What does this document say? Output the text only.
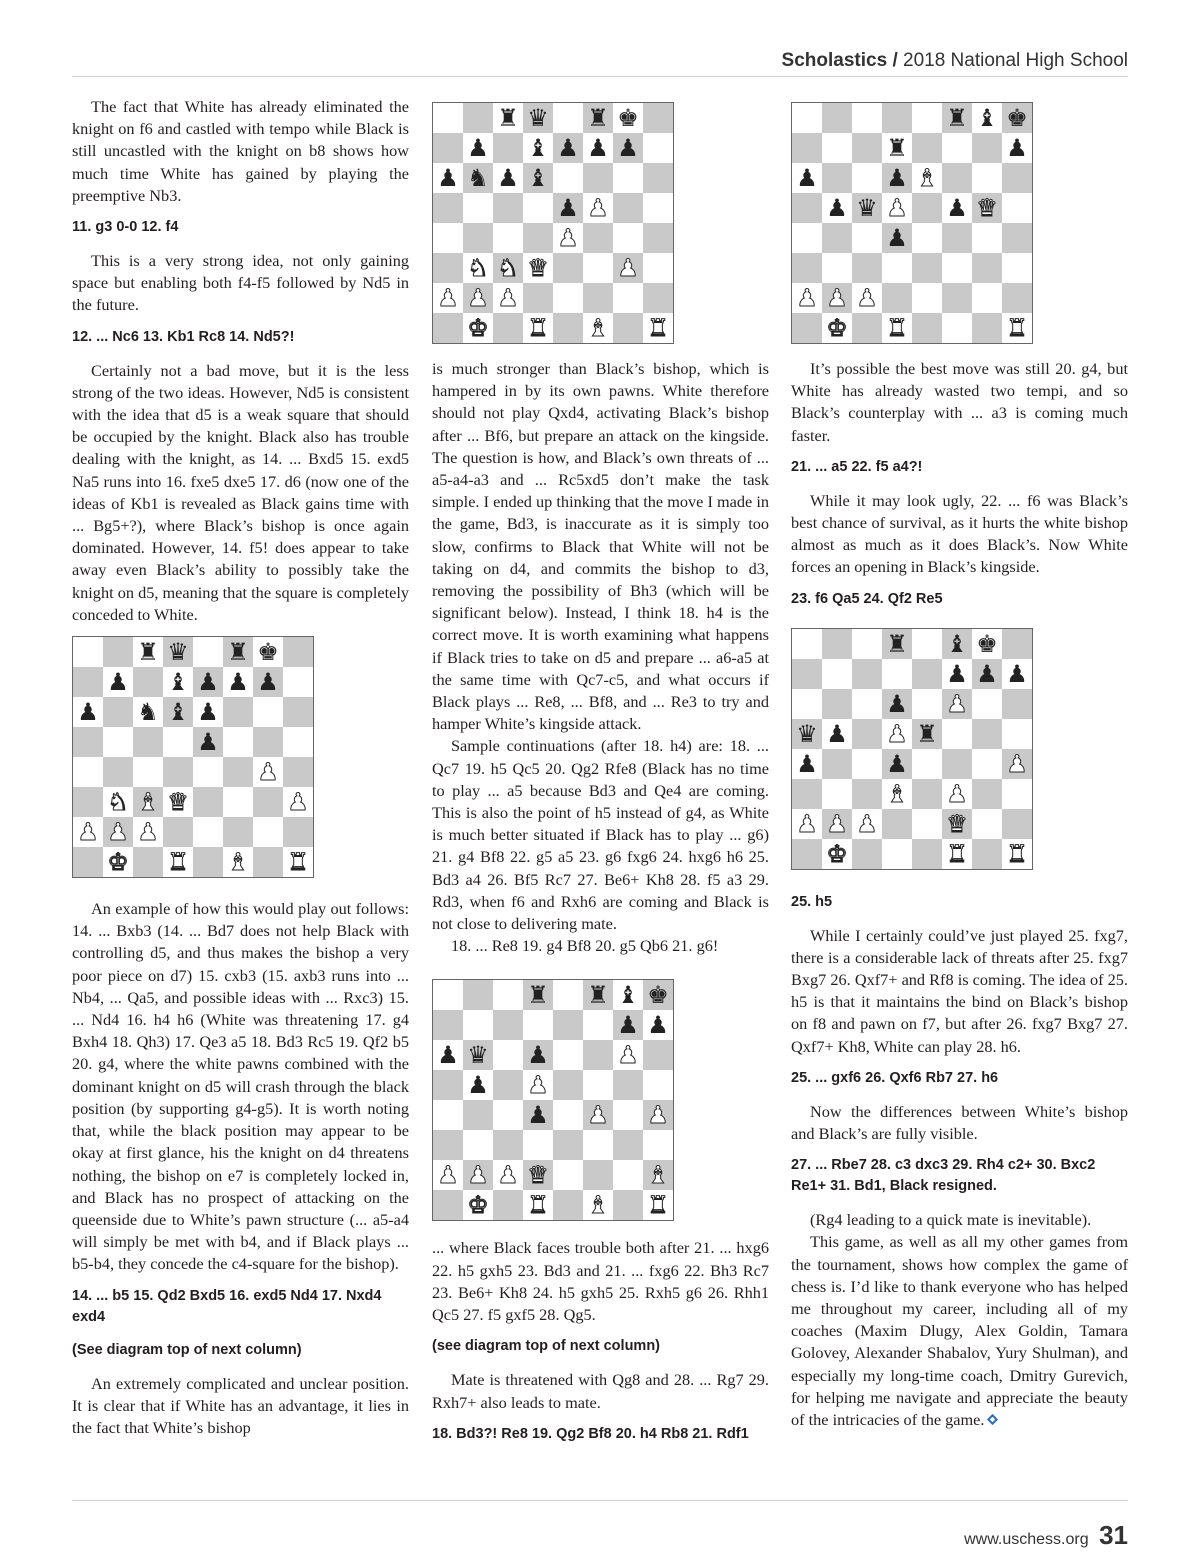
Scholastics / 2018 National High School

The fact that White has already eliminated the knight on f6 and castled with tempo while Black is still uncastled with the knight on b8 shows how much time White has gained by playing the preemptive Nb3.

11. g3 0-0 12. f4

This is a very strong idea, not only gaining space but enabling both f4-f5 followed by Nd5 in the future.

12. ... Nc6 13. Kb1 Rc8 14. Nd5?!

Certainly not a bad move, but it is the less strong of the two ideas. However, Nd5 is consistent with the idea that d5 is a weak square that should be occupied by the knight. Black also has trouble dealing with the knight, as 14. ... Bxd5 15. exd5 Na5 runs into 16. fxe5 dxe5 17. d6 (now one of the ideas of Kb1 is revealed as Black gains time with ... Bg5+?), where Black’s bishop is once again dominated. However, 14. f5! does appear to take away even Black’s ability to possibly take the knight on d5, meaning that the square is completely conceded to White.

♜ ♛ ♜ ♚
♟ ♝ ♟ ♟ ♟
♟ ♞ ♝ ♟
♟
♟
♞ ♝ ♛	♟
♟ ♟ ♟
♚ ♜ ♝ ♜

An example of how this would play out follows: 14. ... Bxb3 (14. ... Bd7 does not help Black with controlling d5, and thus makes the bishop a very poor piece on d7) 15. cxb3 (15. axb3 runs into ... Nb4, ... Qa5, and possible ideas with ... Rxc3) 15. ... Nd4 16. h4 h6 (White was threatening 17. g4 Bxh4 18. Qh3) 17. Qe3 a5 18. Bd3 Rc5 19. Qf2 b5 20. g4, where the white pawns combined with the dominant knight on d5 will crash through the black position (by supporting g4-g5). It is worth noting that, while the black position may appear to be okay at first glance, his the knight on d4 threatens nothing, the bishop on e7 is completely locked in, and Black has no prospect of attacking on the queenside due to White’s pawn structure (... a5-a4 will simply be met with b4, and if Black plays ... b5-b4, they concede the c4-square for the bishop).

14. ... b5 15. Qd2 Bxd5 16. exd5 Nd4 17. Nxd4 exd4

(See diagram top of next column)

An extremely complicated and unclear position. It is clear that if White has an advantage, it lies in the fact that White’s bishop

♜ ♛ ♜ ♚
♟ ♝ ♟ ♟ ♟
♟ ♞ ♟ ♝
♟ ♟
♟
♞ ♞ ♛	♟
♟ ♟ ♟
♚ ♜ ♝ ♜

is much stronger than Black’s bishop, which is hampered in by its own pawns. White therefore should not play Qxd4, activating Black’s bishop after ... Bf6, but prepare an attack on the kingside. The question is how, and Black’s own threats of ... a5-a4-a3 and ... Rc5xd5 don’t make the task simple. I ended up thinking that the move I made in the game, Bd3, is inaccurate as it is simply too slow, confirms to Black that White will not be taking on d4, and commits the bishop to d3, removing the possibility of Bh3 (which will be significant below). Instead, I think 18. h4 is the correct move. It is worth examining what happens if Black tries to take on d5 and prepare ... a6-a5 at the same time with Qc7-c5, and what occurs if Black plays ... Re8, ... Bf8, and ... Re3 to try and hamper White’s kingside attack.

Sample continuations (after 18. h4) are: 18. ... Qc7 19. h5 Qc5 20. Qg2 Rfe8 (Black has no time to play ... a5 because Bd3 and Qe4 are coming. This is also the point of h5 instead of g4, as White is much better situated if Black has to play ... g6) 21. g4 Bf8 22. g5 a5 23. g6 fxg6 24. hxg6 h6 25. Bd3 a4 26. Bf5 Rc7 27. Be6+ Kh8 28. f5 a3 29. Rd3, when f6 and Rxh6 are coming and Black is not close to delivering mate.

18. ... Re8 19. g4 Bf8 20. g5 Qb6 21. g6!

♜ ♜ ♝ ♚
♟ ♟
♟ ♛ ♟	♟
♟ ♟
♟ ♟ ♟
♟ ♟ ♟ ♛	♝
♚ ♜ ♝ ♜

... where Black faces trouble both after 21. ... hxg6 22. h5 gxh5 23. Bd3 and 21. ... fxg6 22. Bh3 Rc7 23. Be6+ Kh8 24. h5 gxh5 25. Rxh5 g6 26. Rhh1 Qc5 27. f5 gxf5 28. Qg5.

(see diagram top of next column)

Mate is threatened with Qg8 and 28. ... Rg7 29. Rxh7+ also leads to mate.

18. Bd3?! Re8 19. Qg2 Bf8 20. h4 Rb8 21. Rdf1

♜ ♝ ♚
♜	♟
♟	♟ ♝
♟ ♛ ♟ ♟ ♛
♟
♟ ♟ ♟
♚ ♜	♜

It’s possible the best move was still 20. g4, but White has already wasted two tempi, and so Black’s counterplay with ... a3 is coming much faster.

21. ... a5 22. f5 a4?!

While it may look ugly, 22. ... f6 was Black’s best chance of survival, as it hurts the white bishop almost as much as it does Black’s. Now White forces an opening in Black’s kingside.

23. f6 Qa5 24. Qf2 Re5

♜ ♝ ♚
♟ ♟ ♟
♟ ♟
♛ ♟ ♟ ♜
♟	♟	♟
♝ ♟
♟ ♟ ♟	♛
♚	♜ ♜

25. h5

While I certainly could’ve just played 25. fxg7, there is a considerable lack of threats after 25. fxg7 Bxg7 26. Qxf7+ and Rf8 is coming. The idea of 25. h5 is that it maintains the bind on Black’s bishop on f8 and pawn on f7, but after 26. fxg7 Bxg7 27. Qxf7+ Kh8, White can play 28. h6.

25. ... gxf6 26. Qxf6 Rb7 27. h6

Now the differences between White’s bishop and Black’s are fully visible.

27. ... Rbe7 28. c3 dxc3 29. Rh4 c2+ 30. Bxc2 Re1+ 31. Bd1, Black resigned.

(Rg4 leading to a quick mate is inevitable).

This game, as well as all my other games from the tournament, shows how complex the game of chess is. I’d like to thank everyone who has helped me throughout my career, including all of my coaches (Maxim Dlugy, Alex Goldin, Tamara Golovey, Alexander Shabalov, Yury Shulman), and especially my long-time coach, Dmitry Gurevich, for helping me navigate and appreciate the beauty of the intricacies of the game.

www.uschess.org 31
